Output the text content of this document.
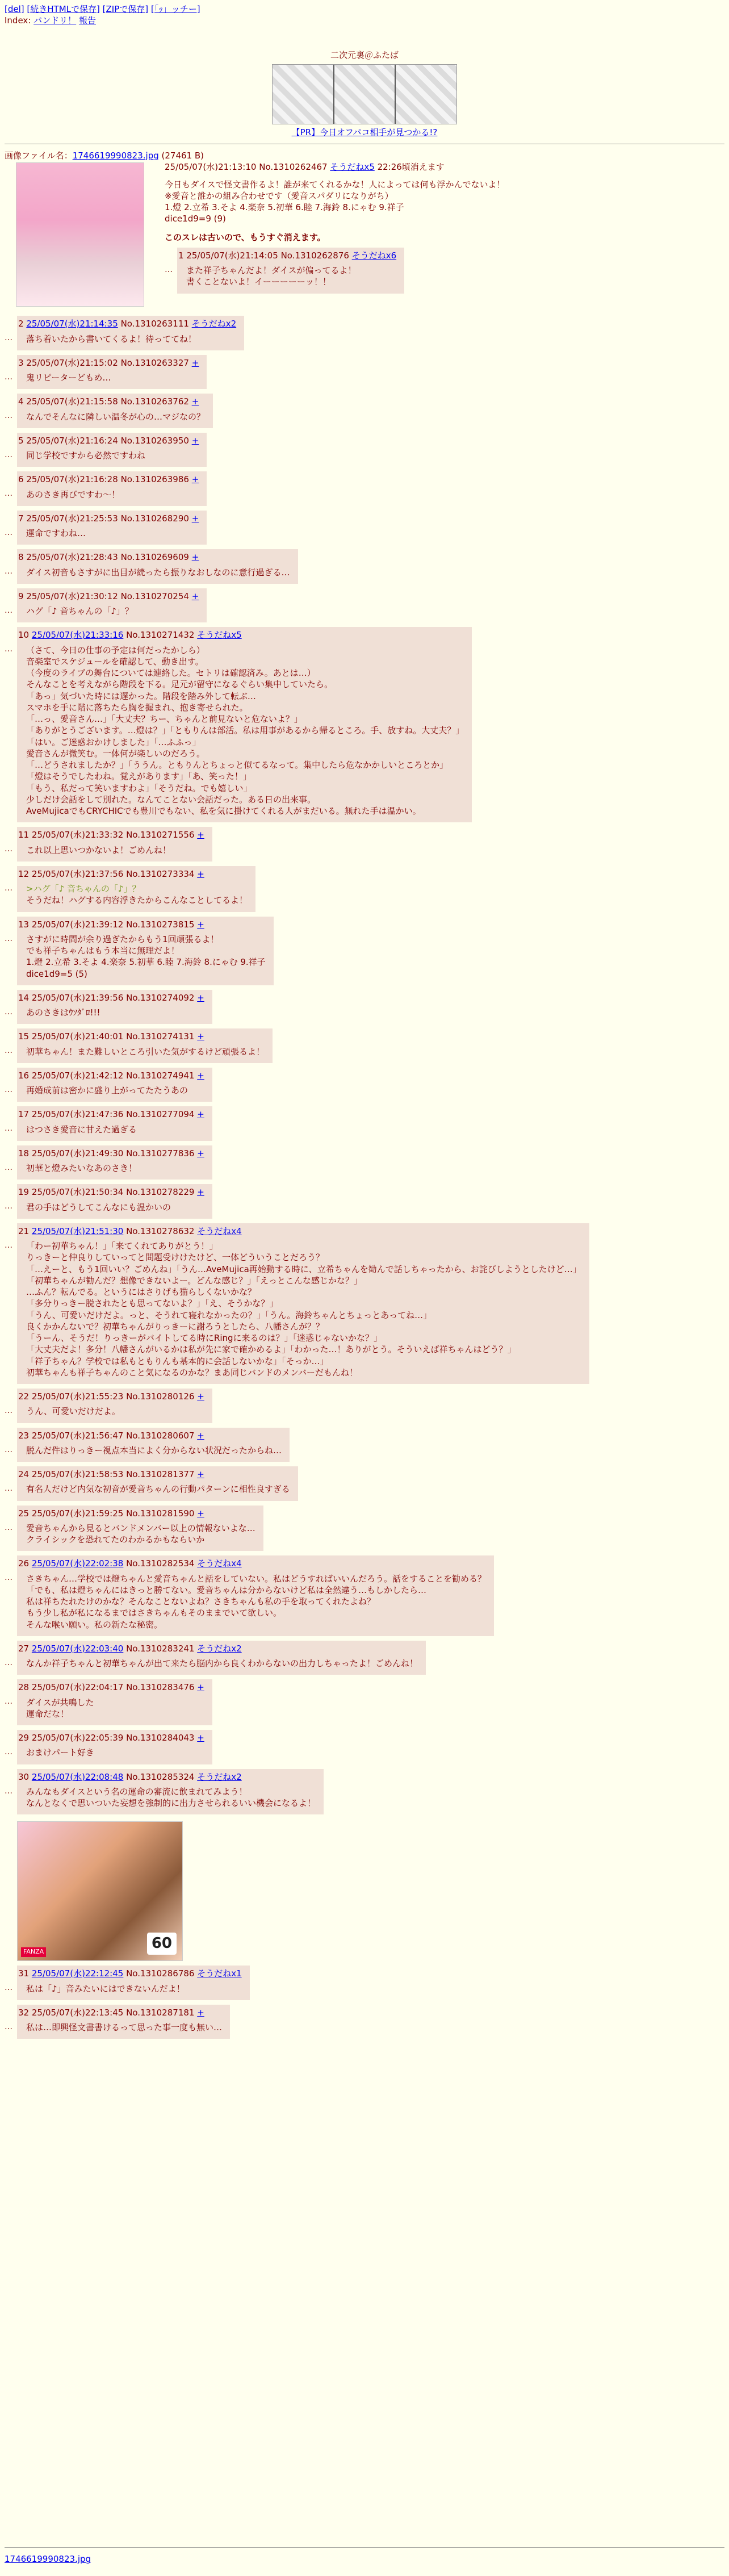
[del] [続きHTMLで保存] [ZIPで保存] [「ｯ」ッチー]
Index: バンドリ！ 報告
二次元裏＠ふたば
【PR】今日オフパコ相手が見つかる!?
画像ファイル名：1746619990823.jpg (27461 B)
25/05/07(水)21:13:10 No.1310262467 そうだねx5 22:26頃消えます
今日もダイスで怪文書作るよ！誰が来てくれるかな！人によっては何も浮かんでないよ！
※愛音と誰かの組み合わせです（愛音スパダリになりがち）
1.燈 2.立希 3.そよ 4.楽奈 5.初華 6.睦 7.海鈴 8.にゃむ 9.祥子
dice1d9=9 (9)
このスレは古いので、もうすぐ消えます。
…
1 25/05/07(水)21:14:05 No.1310262876 そうだねx6
また祥子ちゃんだよ！ダイスが偏ってるよ！
書くことないよ！イーーーーーッ！！
…
2 25/05/07(水)21:14:35 No.1310263111 そうだねx2
落ち着いたから書いてくるよ！待っててね！
…
3 25/05/07(水)21:15:02 No.1310263327 +
鬼リピーターどもめ…
…
4 25/05/07(水)21:15:58 No.1310263762 +
なんでそんなに隣しい温冬が心の…マジなの？
…
5 25/05/07(水)21:16:24 No.1310263950 +
同じ学校ですから必然ですわね
…
6 25/05/07(水)21:16:28 No.1310263986 +
あのさき再びですわ～！
…
7 25/05/07(水)21:25:53 No.1310268290 +
運命ですわね…
…
8 25/05/07(水)21:28:43 No.1310269609 +
ダイス初音もさすがに出目が続ったら振りなおしなのに意行過ぎる…
…
9 25/05/07(水)21:30:12 No.1310270254 +
ハグ「♪ 音ちゃんの「♪」？
…
10 25/05/07(水)21:33:16 No.1310271432 そうだねx5
（さて、今日の仕事の予定は何だったかしら）
音楽室でスケジュールを確認して、動き出す。
（今度のライブの舞台については連絡した。セトリは確認済み。あとは…）
そんなことを考えながら階段を下る。足元が留守になるぐらい集中していたら。
「あっ」気づいた時には遅かった。階段を踏み外して転ぶ…
スマホを手に階に落ちたら胸を握まれ、抱き寄せられた。
「…っ、愛音さん…」「大丈夫？ちー、ちゃんと前見ないと危ないよ？」
「ありがとうございます。…燈は？」「ともりんは部活。私は用事があるから帰るところ。手、放すね。大丈夫？」
「はい。ご迷惑おかけしました」「…ふふっ」
愛音さんが微笑む。一体何が楽しいのだろう。
「…どうされましたか？」「ううん。ともりんとちょっと似てるなって。集中したら危なかかしいところとか」
「燈はそうでしたわね。覚えがあります」「あ、笑った！」
「もう、私だって笑いますわよ」「そうだね。でも嬉しい」
少しだけ会話をして別れた。なんてことない会話だった。ある日の出来事。
AveMujicaでもCRYCHICでも豊川でもない、私を気に掛けてくれる人がまだいる。無れた手は温かい。
…
11 25/05/07(水)21:33:32 No.1310271556 +
これ以上思いつかないよ！ごめんね！
…
12 25/05/07(水)21:37:56 No.1310273334 +
>ハグ「♪ 音ちゃんの「♪」？
そうだね！ハグする内容浮きたからこんなことしてるよ！
…
13 25/05/07(水)21:39:12 No.1310273815 +
さすがに時間が余り過ぎたからもう1回頑張るよ！
でも祥子ちゃんはもう本当に無理だよ！
1.燈 2.立希 3.そよ 4.楽奈 5.初華 6.睦 7.海鈴 8.にゃむ 9.祥子
dice1d9=5 (5)
…
14 25/05/07(水)21:39:56 No.1310274092 +
あのさきはｳｿﾀﾞﾛ!!!
…
15 25/05/07(水)21:40:01 No.1310274131 +
初華ちゃん！また難しいところ引いた気がするけど頑張るよ！
…
16 25/05/07(水)21:42:12 No.1310274941 +
再婚成前は密かに盛り上がってたたうあの
…
17 25/05/07(水)21:47:36 No.1310277094 +
はつさき愛音に甘えた過ぎる
…
18 25/05/07(水)21:49:30 No.1310277836 +
初華と燈みたいなあのさき！
…
19 25/05/07(水)21:50:34 No.1310278229 +
君の手はどうしてこんなにも温かいの
…
21 25/05/07(水)21:51:30 No.1310278632 そうだねx4
「わー初華ちゃん！」「来てくれてありがとう！」
りっきーと仲良りしていってと問題受けけたけど、一体どういうことだろう？
「…えーと、もう1回いい？ごめんね」「うん…AveMujica再始動する時に、立希ちゃんを勧んで話しちゃったから、お詫びしようとしたけど…」
「初華ちゃんが勧んだ？想像できないよー。どんな感じ？」「えっとこんな感じかな？」
…ふん？転んでる。というにはさりげも猫らしくないかな？
「多分りっきー脱されたとも思ってないよ？」「え、そうかな？」
「うん、可愛いだけだよ。っと、そうれて寝れなかったの？」「うん。海鈴ちゃんとちょっとあってね…」
良くかかんないで？初華ちゃんがりっきーに謝ろうとしたら、八幡さんが？？
「うーん、そうだ！りっきーがバイトしてる時にRingに来るのは？」「迷惑じゃないかな？」
「大丈夫だよ！多分！八幡さんがいるかは私が先に家で確かめるよ」「わかった…！ありがとう。そういえば祥ちゃんはどう？」
「祥子ちゃん？学校では私もともりんも基本的に会話しないかな」「そっか…」
初華ちゃんも祥子ちゃんのこと気になるのかな？まあ同じバンドのメンバーだもんね！
…
22 25/05/07(水)21:55:23 No.1310280126 +
うん、可愛いだけだよ。
…
23 25/05/07(水)21:56:47 No.1310280607 +
脱んだ件はりっきー視点本当によく分からない状況だったからね…
…
24 25/05/07(水)21:58:53 No.1310281377 +
有名人だけど内気な初音が愛音ちゃんの行動パターンに相性良すぎる
…
25 25/05/07(水)21:59:25 No.1310281590 +
愛音ちゃんから見るとバンドメンバー以上の情報ないよな…
クライシックを恐れてたのわかるかもならいか
…
26 25/05/07(水)22:02:38 No.1310282534 そうだねx4
さきちゃん…学校では燈ちゃんと愛音ちゃんと話をしていない。私はどうすればいいんだろう。話をすることを勧める？
「でも、私は燈ちゃんにはきっと勝てない。愛音ちゃんは分からないけど私は全然違う…もしかしたら…
私は祥ちたれたけのかな？そんなことないよね？さきちゃんも私の手を取ってくれたよね？
もう少し私が私になるまではさきちゃんもそのままでいて欲しい。
そんな喉い願い。私の新たな秘密。
…
27 25/05/07(水)22:03:40 No.1310283241 そうだねx2
なんか祥子ちゃんと初華ちゃんが出て来たら脳内から良くわからないの出力しちゃったよ！ごめんね！
…
28 25/05/07(水)22:04:17 No.1310283476 +
ダイスが共鳴した
運命だな！
…
29 25/05/07(水)22:05:39 No.1310284043 +
おまけパート好き
…
30 25/05/07(水)22:08:48 No.1310285324 そうだねx2
みんなもダイスという名の運命の審流に飲まれてみよう！
なんとなくで思いついた妄想を強制的に出力させられるいい機会になるよ！
FANZA	60
…
31 25/05/07(水)22:12:45 No.1310286786 そうだねx1
私は「♪」音みたいにはできないんだよ！
…
32 25/05/07(水)22:13:45 No.1310287181 +
私は…即興怪文書書けるって思った事一度も無い…
1746619990823.jpg
